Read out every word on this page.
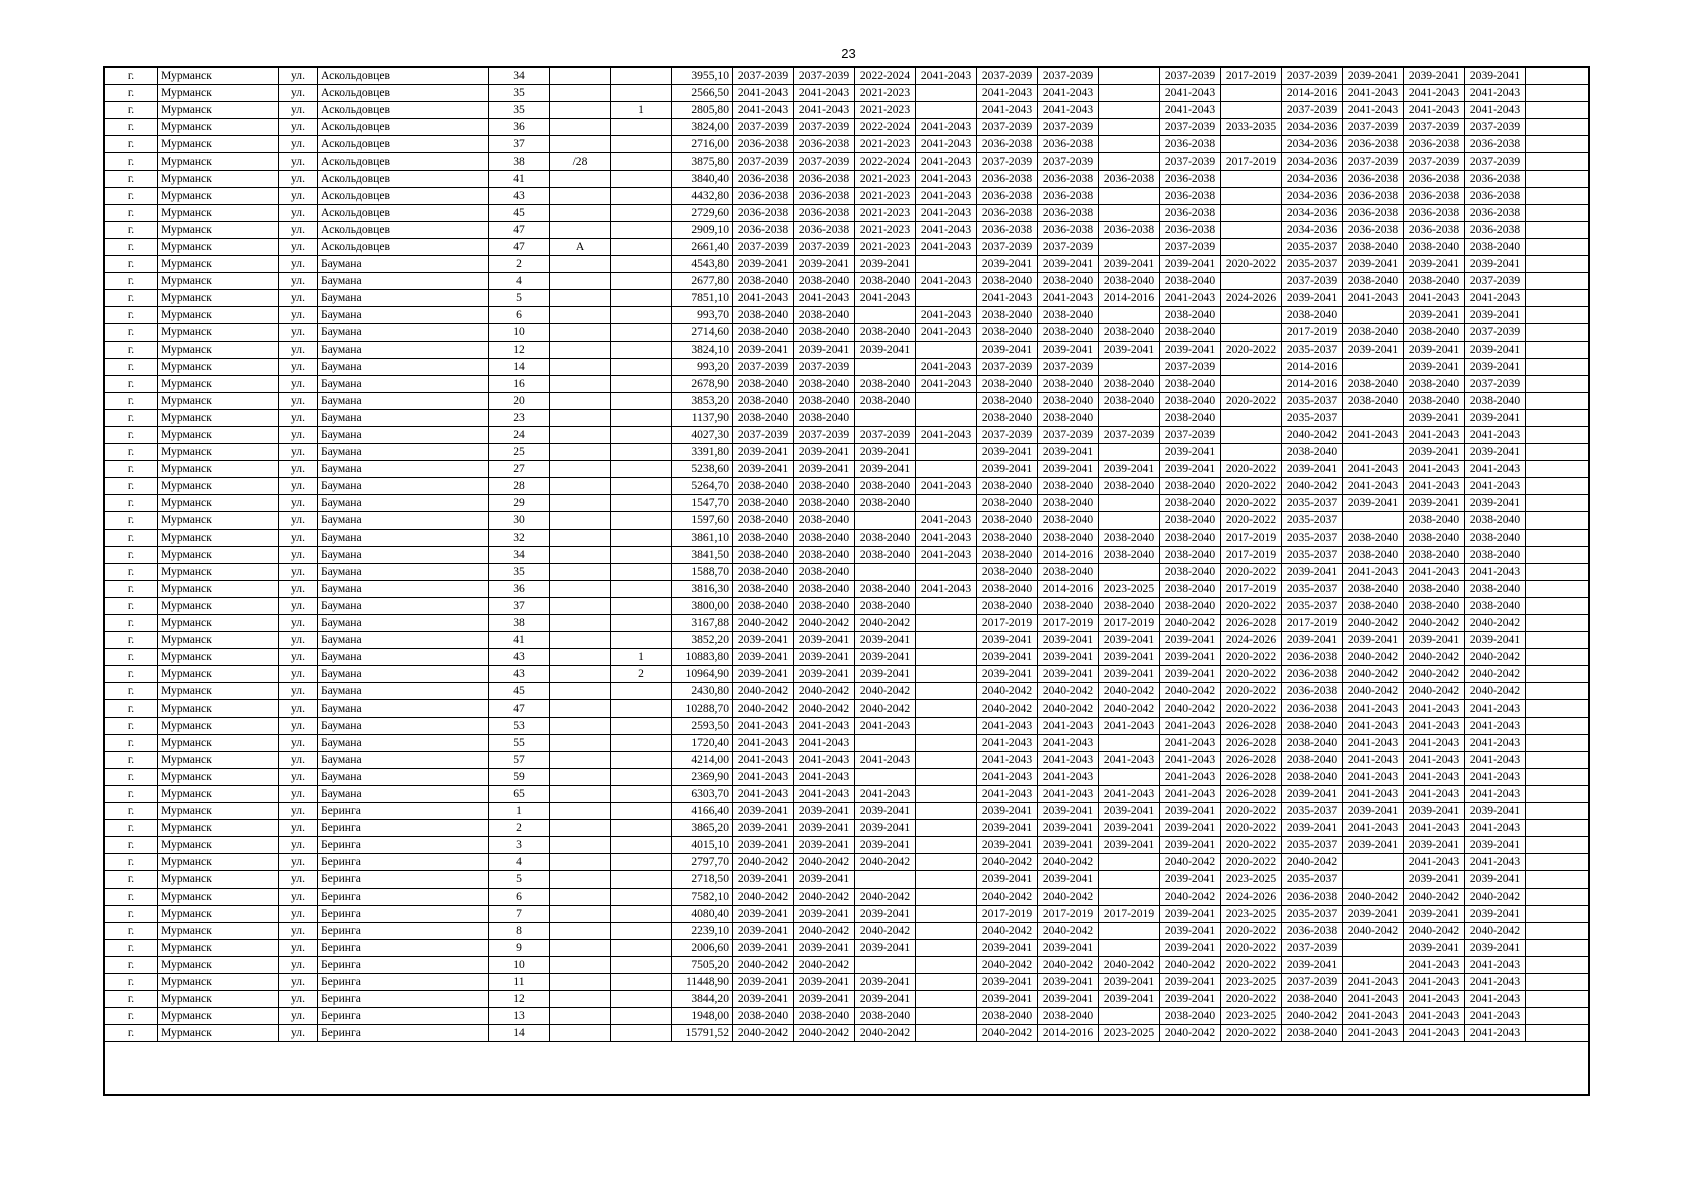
23
г.	Мурманск	ул.	Аскольдовцев	34			3955,10	2037-2039	2037-2039	2022-2024	2041-2043	2037-2039	2037-2039		2037-2039	2017-2019	2037-2039	2039-2041	2039-2041	2039-2041	
г.	Мурманск	ул.	Аскольдовцев	35			2566,50	2041-2043	2041-2043	2021-2023		2041-2043	2041-2043		2041-2043		2014-2016	2041-2043	2041-2043	2041-2043	
г.	Мурманск	ул.	Аскольдовцев	35		1	2805,80	2041-2043	2041-2043	2021-2023		2041-2043	2041-2043		2041-2043		2037-2039	2041-2043	2041-2043	2041-2043	
г.	Мурманск	ул.	Аскольдовцев	36			3824,00	2037-2039	2037-2039	2022-2024	2041-2043	2037-2039	2037-2039		2037-2039	2033-2035	2034-2036	2037-2039	2037-2039	2037-2039	
г.	Мурманск	ул.	Аскольдовцев	37			2716,00	2036-2038	2036-2038	2021-2023	2041-2043	2036-2038	2036-2038		2036-2038		2034-2036	2036-2038	2036-2038	2036-2038	
г.	Мурманск	ул.	Аскольдовцев	38	/28		3875,80	2037-2039	2037-2039	2022-2024	2041-2043	2037-2039	2037-2039		2037-2039	2017-2019	2034-2036	2037-2039	2037-2039	2037-2039	
г.	Мурманск	ул.	Аскольдовцев	41			3840,40	2036-2038	2036-2038	2021-2023	2041-2043	2036-2038	2036-2038	2036-2038	2036-2038		2034-2036	2036-2038	2036-2038	2036-2038	
г.	Мурманск	ул.	Аскольдовцев	43			4432,80	2036-2038	2036-2038	2021-2023	2041-2043	2036-2038	2036-2038		2036-2038		2034-2036	2036-2038	2036-2038	2036-2038	
г.	Мурманск	ул.	Аскольдовцев	45			2729,60	2036-2038	2036-2038	2021-2023	2041-2043	2036-2038	2036-2038		2036-2038		2034-2036	2036-2038	2036-2038	2036-2038	
г.	Мурманск	ул.	Аскольдовцев	47			2909,10	2036-2038	2036-2038	2021-2023	2041-2043	2036-2038	2036-2038	2036-2038	2036-2038		2034-2036	2036-2038	2036-2038	2036-2038	
г.	Мурманск	ул.	Аскольдовцев	47	А		2661,40	2037-2039	2037-2039	2021-2023	2041-2043	2037-2039	2037-2039		2037-2039		2035-2037	2038-2040	2038-2040	2038-2040	
г.	Мурманск	ул.	Баумана	2			4543,80	2039-2041	2039-2041	2039-2041		2039-2041	2039-2041	2039-2041	2039-2041	2020-2022	2035-2037	2039-2041	2039-2041	2039-2041	
г.	Мурманск	ул.	Баумана	4			2677,80	2038-2040	2038-2040	2038-2040	2041-2043	2038-2040	2038-2040	2038-2040	2038-2040		2037-2039	2038-2040	2038-2040	2037-2039	
г.	Мурманск	ул.	Баумана	5			7851,10	2041-2043	2041-2043	2041-2043		2041-2043	2041-2043	2014-2016	2041-2043	2024-2026	2039-2041	2041-2043	2041-2043	2041-2043	
г.	Мурманск	ул.	Баумана	6			993,70	2038-2040	2038-2040		2041-2043	2038-2040	2038-2040		2038-2040		2038-2040		2039-2041	2039-2041	
г.	Мурманск	ул.	Баумана	10			2714,60	2038-2040	2038-2040	2038-2040	2041-2043	2038-2040	2038-2040	2038-2040	2038-2040		2017-2019	2038-2040	2038-2040	2037-2039	
г.	Мурманск	ул.	Баумана	12			3824,10	2039-2041	2039-2041	2039-2041		2039-2041	2039-2041	2039-2041	2039-2041	2020-2022	2035-2037	2039-2041	2039-2041	2039-2041	
г.	Мурманск	ул.	Баумана	14			993,20	2037-2039	2037-2039		2041-2043	2037-2039	2037-2039		2037-2039		2014-2016		2039-2041	2039-2041	
г.	Мурманск	ул.	Баумана	16			2678,90	2038-2040	2038-2040	2038-2040	2041-2043	2038-2040	2038-2040	2038-2040	2038-2040		2014-2016	2038-2040	2038-2040	2037-2039	
г.	Мурманск	ул.	Баумана	20			3853,20	2038-2040	2038-2040	2038-2040		2038-2040	2038-2040	2038-2040	2038-2040	2020-2022	2035-2037	2038-2040	2038-2040	2038-2040	
г.	Мурманск	ул.	Баумана	23			1137,90	2038-2040	2038-2040			2038-2040	2038-2040		2038-2040		2035-2037		2039-2041	2039-2041	
г.	Мурманск	ул.	Баумана	24			4027,30	2037-2039	2037-2039	2037-2039	2041-2043	2037-2039	2037-2039	2037-2039	2037-2039		2040-2042	2041-2043	2041-2043	2041-2043	
г.	Мурманск	ул.	Баумана	25			3391,80	2039-2041	2039-2041	2039-2041		2039-2041	2039-2041		2039-2041		2038-2040		2039-2041	2039-2041	
г.	Мурманск	ул.	Баумана	27			5238,60	2039-2041	2039-2041	2039-2041		2039-2041	2039-2041	2039-2041	2039-2041	2020-2022	2039-2041	2041-2043	2041-2043	2041-2043	
г.	Мурманск	ул.	Баумана	28			5264,70	2038-2040	2038-2040	2038-2040	2041-2043	2038-2040	2038-2040	2038-2040	2038-2040	2020-2022	2040-2042	2041-2043	2041-2043	2041-2043	
г.	Мурманск	ул.	Баумана	29			1547,70	2038-2040	2038-2040	2038-2040		2038-2040	2038-2040		2038-2040	2020-2022	2035-2037	2039-2041	2039-2041	2039-2041	
г.	Мурманск	ул.	Баумана	30			1597,60	2038-2040	2038-2040		2041-2043	2038-2040	2038-2040		2038-2040	2020-2022	2035-2037		2038-2040	2038-2040	
г.	Мурманск	ул.	Баумана	32			3861,10	2038-2040	2038-2040	2038-2040	2041-2043	2038-2040	2038-2040	2038-2040	2038-2040	2017-2019	2035-2037	2038-2040	2038-2040	2038-2040	
г.	Мурманск	ул.	Баумана	34			3841,50	2038-2040	2038-2040	2038-2040	2041-2043	2038-2040	2014-2016	2038-2040	2038-2040	2017-2019	2035-2037	2038-2040	2038-2040	2038-2040	
г.	Мурманск	ул.	Баумана	35			1588,70	2038-2040	2038-2040			2038-2040	2038-2040		2038-2040	2020-2022	2039-2041	2041-2043	2041-2043	2041-2043	
г.	Мурманск	ул.	Баумана	36			3816,30	2038-2040	2038-2040	2038-2040	2041-2043	2038-2040	2014-2016	2023-2025	2038-2040	2017-2019	2035-2037	2038-2040	2038-2040	2038-2040	
г.	Мурманск	ул.	Баумана	37			3800,00	2038-2040	2038-2040	2038-2040		2038-2040	2038-2040	2038-2040	2038-2040	2020-2022	2035-2037	2038-2040	2038-2040	2038-2040	
г.	Мурманск	ул.	Баумана	38			3167,88	2040-2042	2040-2042	2040-2042		2017-2019	2017-2019	2017-2019	2040-2042	2026-2028	2017-2019	2040-2042	2040-2042	2040-2042	
г.	Мурманск	ул.	Баумана	41			3852,20	2039-2041	2039-2041	2039-2041		2039-2041	2039-2041	2039-2041	2039-2041	2024-2026	2039-2041	2039-2041	2039-2041	2039-2041	
г.	Мурманск	ул.	Баумана	43		1	10883,80	2039-2041	2039-2041	2039-2041		2039-2041	2039-2041	2039-2041	2039-2041	2020-2022	2036-2038	2040-2042	2040-2042	2040-2042	
г.	Мурманск	ул.	Баумана	43		2	10964,90	2039-2041	2039-2041	2039-2041		2039-2041	2039-2041	2039-2041	2039-2041	2020-2022	2036-2038	2040-2042	2040-2042	2040-2042	
г.	Мурманск	ул.	Баумана	45			2430,80	2040-2042	2040-2042	2040-2042		2040-2042	2040-2042	2040-2042	2040-2042	2020-2022	2036-2038	2040-2042	2040-2042	2040-2042	
г.	Мурманск	ул.	Баумана	47			10288,70	2040-2042	2040-2042	2040-2042		2040-2042	2040-2042	2040-2042	2040-2042	2020-2022	2036-2038	2041-2043	2041-2043	2041-2043	
г.	Мурманск	ул.	Баумана	53			2593,50	2041-2043	2041-2043	2041-2043		2041-2043	2041-2043	2041-2043	2041-2043	2026-2028	2038-2040	2041-2043	2041-2043	2041-2043	
г.	Мурманск	ул.	Баумана	55			1720,40	2041-2043	2041-2043			2041-2043	2041-2043		2041-2043	2026-2028	2038-2040	2041-2043	2041-2043	2041-2043	
г.	Мурманск	ул.	Баумана	57			4214,00	2041-2043	2041-2043	2041-2043		2041-2043	2041-2043	2041-2043	2041-2043	2026-2028	2038-2040	2041-2043	2041-2043	2041-2043	
г.	Мурманск	ул.	Баумана	59			2369,90	2041-2043	2041-2043			2041-2043	2041-2043		2041-2043	2026-2028	2038-2040	2041-2043	2041-2043	2041-2043	
г.	Мурманск	ул.	Баумана	65			6303,70	2041-2043	2041-2043	2041-2043		2041-2043	2041-2043	2041-2043	2041-2043	2026-2028	2039-2041	2041-2043	2041-2043	2041-2043	
г.	Мурманск	ул.	Беринга	1			4166,40	2039-2041	2039-2041	2039-2041		2039-2041	2039-2041	2039-2041	2039-2041	2020-2022	2035-2037	2039-2041	2039-2041	2039-2041	
г.	Мурманск	ул.	Беринга	2			3865,20	2039-2041	2039-2041	2039-2041		2039-2041	2039-2041	2039-2041	2039-2041	2020-2022	2039-2041	2041-2043	2041-2043	2041-2043	
г.	Мурманск	ул.	Беринга	3			4015,10	2039-2041	2039-2041	2039-2041		2039-2041	2039-2041	2039-2041	2039-2041	2020-2022	2035-2037	2039-2041	2039-2041	2039-2041	
г.	Мурманск	ул.	Беринга	4			2797,70	2040-2042	2040-2042	2040-2042		2040-2042	2040-2042		2040-2042	2020-2022	2040-2042		2041-2043	2041-2043	
г.	Мурманск	ул.	Беринга	5			2718,50	2039-2041	2039-2041			2039-2041	2039-2041		2039-2041	2023-2025	2035-2037		2039-2041	2039-2041	
г.	Мурманск	ул.	Беринга	6			7582,10	2040-2042	2040-2042	2040-2042		2040-2042	2040-2042		2040-2042	2024-2026	2036-2038	2040-2042	2040-2042	2040-2042	
г.	Мурманск	ул.	Беринга	7			4080,40	2039-2041	2039-2041	2039-2041		2017-2019	2017-2019	2017-2019	2039-2041	2023-2025	2035-2037	2039-2041	2039-2041	2039-2041	
г.	Мурманск	ул.	Беринга	8			2239,10	2039-2041	2040-2042	2040-2042		2040-2042	2040-2042		2039-2041	2020-2022	2036-2038	2040-2042	2040-2042	2040-2042	
г.	Мурманск	ул.	Беринга	9			2006,60	2039-2041	2039-2041	2039-2041		2039-2041	2039-2041		2039-2041	2020-2022	2037-2039		2039-2041	2039-2041	
г.	Мурманск	ул.	Беринга	10			7505,20	2040-2042	2040-2042			2040-2042	2040-2042	2040-2042	2040-2042	2020-2022	2039-2041		2041-2043	2041-2043	
г.	Мурманск	ул.	Беринга	11			11448,90	2039-2041	2039-2041	2039-2041		2039-2041	2039-2041	2039-2041	2039-2041	2023-2025	2037-2039	2041-2043	2041-2043	2041-2043	
г.	Мурманск	ул.	Беринга	12			3844,20	2039-2041	2039-2041	2039-2041		2039-2041	2039-2041	2039-2041	2039-2041	2020-2022	2038-2040	2041-2043	2041-2043	2041-2043	
г.	Мурманск	ул.	Беринга	13			1948,00	2038-2040	2038-2040	2038-2040		2038-2040	2038-2040		2038-2040	2023-2025	2040-2042	2041-2043	2041-2043	2041-2043	
г.	Мурманск	ул.	Беринга	14			15791,52	2040-2042	2040-2042	2040-2042		2040-2042	2014-2016	2023-2025	2040-2042	2020-2022	2038-2040	2041-2043	2041-2043	2041-2043	
